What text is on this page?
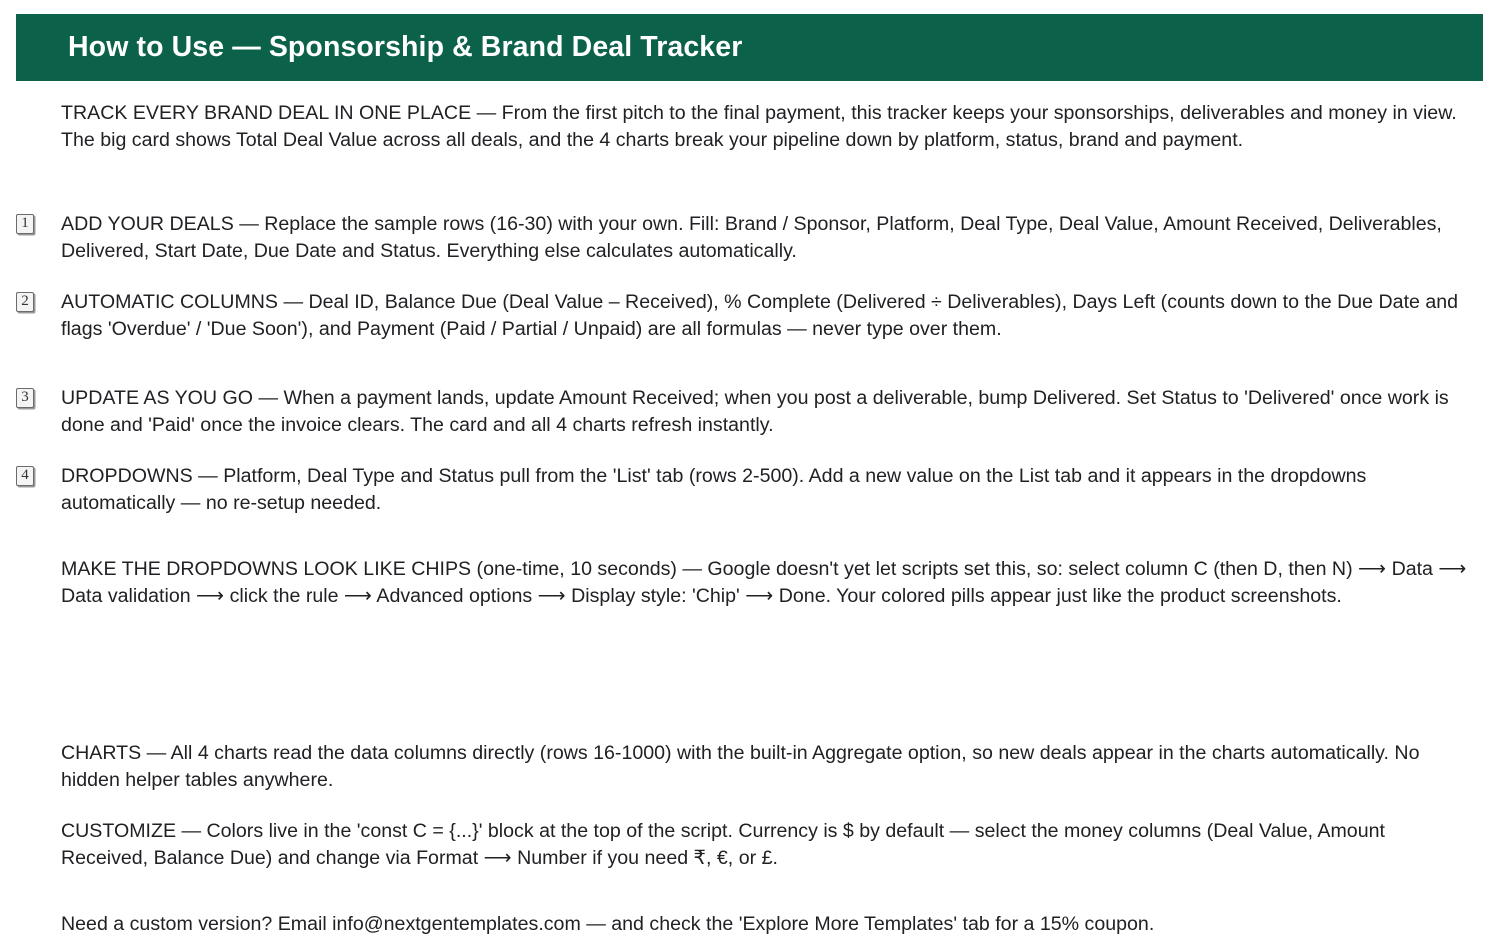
How to Use — Sponsorship & Brand Deal Tracker

TRACK EVERY BRAND DEAL IN ONE PLACE — From the first pitch to the final payment, this tracker keeps your sponsorships, deliverables and money in view. The big card shows Total Deal Value across all deals, and the 4 charts break your pipeline down by platform, status, brand and payment.

1 ADD YOUR DEALS — Replace the sample rows (16-30) with your own. Fill: Brand / Sponsor, Platform, Deal Type, Deal Value, Amount Received, Deliverables, Delivered, Start Date, Due Date and Status. Everything else calculates automatically.

2 AUTOMATIC COLUMNS — Deal ID, Balance Due (Deal Value – Received), % Complete (Delivered ÷ Deliverables), Days Left (counts down to the Due Date and flags 'Overdue' / 'Due Soon'), and Payment (Paid / Partial / Unpaid) are all formulas — never type over them.

3 UPDATE AS YOU GO — When a payment lands, update Amount Received; when you post a deliverable, bump Delivered. Set Status to 'Delivered' once work is done and 'Paid' once the invoice clears. The card and all 4 charts refresh instantly.

4 DROPDOWNS — Platform, Deal Type and Status pull from the 'List' tab (rows 2-500). Add a new value on the List tab and it appears in the dropdowns automatically — no re-setup needed.

MAKE THE DROPDOWNS LOOK LIKE CHIPS (one-time, 10 seconds) — Google doesn't yet let scripts set this, so: select column C (then D, then N) ⟶ Data ⟶ Data validation ⟶ click the rule ⟶ Advanced options ⟶ Display style: 'Chip' ⟶ Done. Your colored pills appear just like the product screenshots.

CHARTS — All 4 charts read the data columns directly (rows 16-1000) with the built-in Aggregate option, so new deals appear in the charts automatically. No hidden helper tables anywhere.

CUSTOMIZE — Colors live in the 'const C = {...}' block at the top of the script. Currency is $ by default — select the money columns (Deal Value, Amount Received, Balance Due) and change via Format ⟶ Number if you need ₹, €, or £.

Need a custom version? Email info@nextgentemplates.com — and check the 'Explore More Templates' tab for a 15% coupon.
